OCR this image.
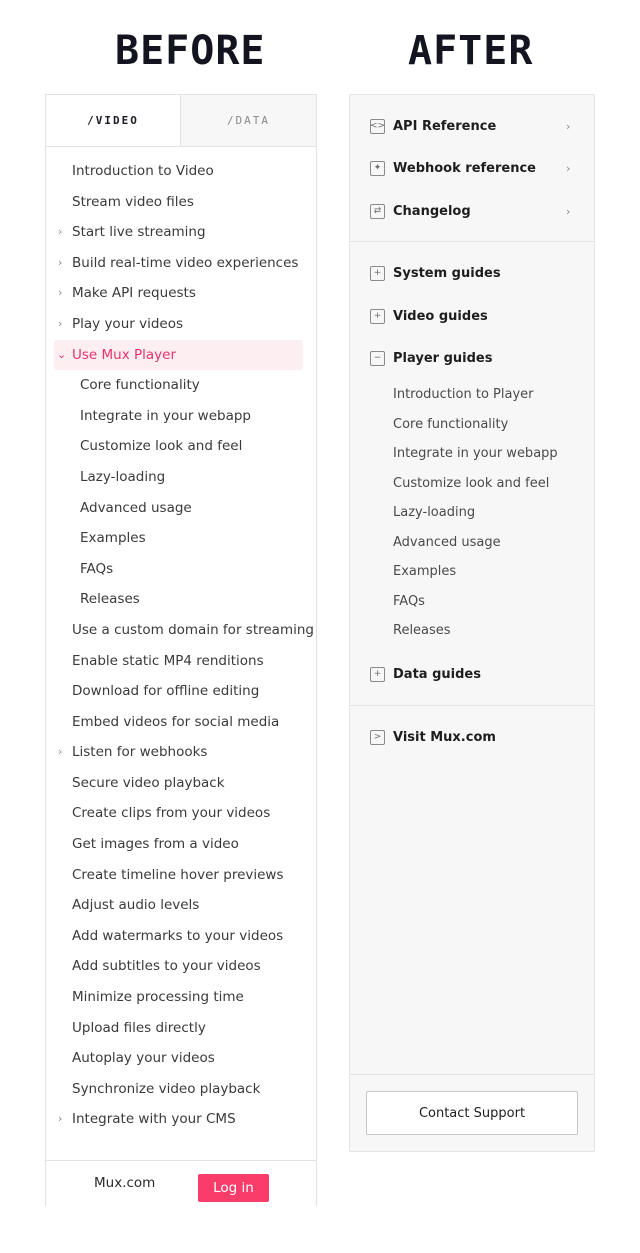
BEFORE	AFTER
/VIDEO	/DATA
Introduction to Video
Stream video files
› Start live streaming
› Build real-time video experiences
› Make API requests
› Play your videos
⌄ Use Mux Player
Core functionality
Integrate in your webapp
Customize look and feel
Lazy-loading
Advanced usage
Examples
FAQs
Releases
Use a custom domain for streaming
Enable static MP4 renditions
Download for offline editing
Embed videos for social media
› Listen for webhooks
Secure video playback
Create clips from your videos
Get images from a video
Create timeline hover previews
Adjust audio levels
Add watermarks to your videos
Add subtitles to your videos
Minimize processing time
Upload files directly
Autoplay your videos
Synchronize video playback
› Integrate with your CMS
Mux.com	Log in
<> API Reference	›
✦ Webhook reference	›
⇄ Changelog	›
+ System guides
+ Video guides
− Player guides
Introduction to Player
Core functionality
Integrate in your webapp
Customize look and feel
Lazy-loading
Advanced usage
Examples
FAQs
Releases
+ Data guides
> Visit Mux.com
Contact Support
